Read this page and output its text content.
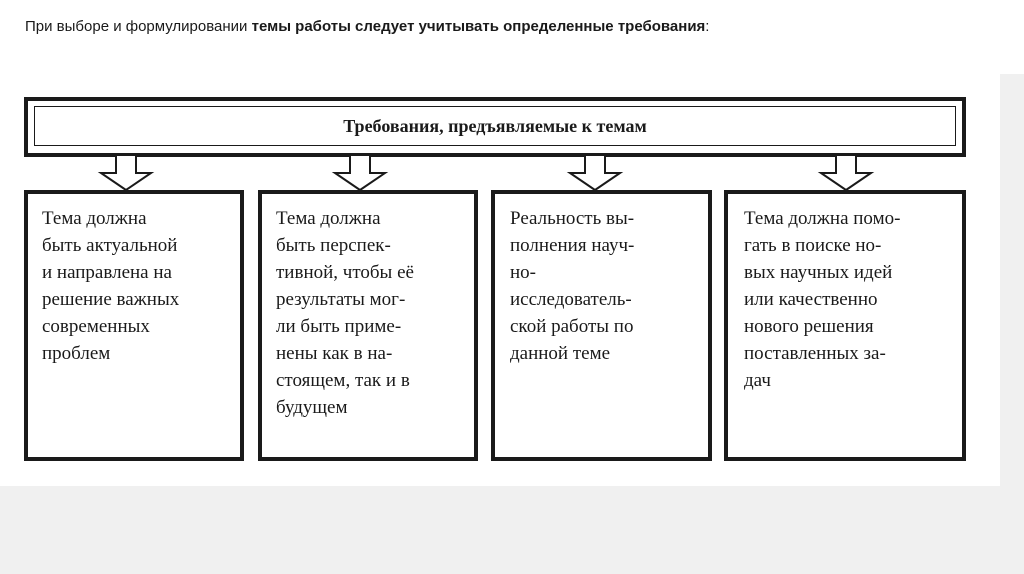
При выборе и формулировании темы работы следует учитывать определенные требования:
Требования, предъявляемые к темам
Тема должна
быть актуальной
и направлена на
решение важных
современных
проблем
Тема должна
быть перспек-
тивной, чтобы её
результаты мог-
ли быть приме-
нены как в на-
стоящем, так и в
будущем
Реальность вы-
полнения науч-
но-
исследователь-
ской работы по
данной теме
Тема должна помо-
гать в поиске но-
вых научных идей
или качественно
нового решения
поставленных за-
дач
